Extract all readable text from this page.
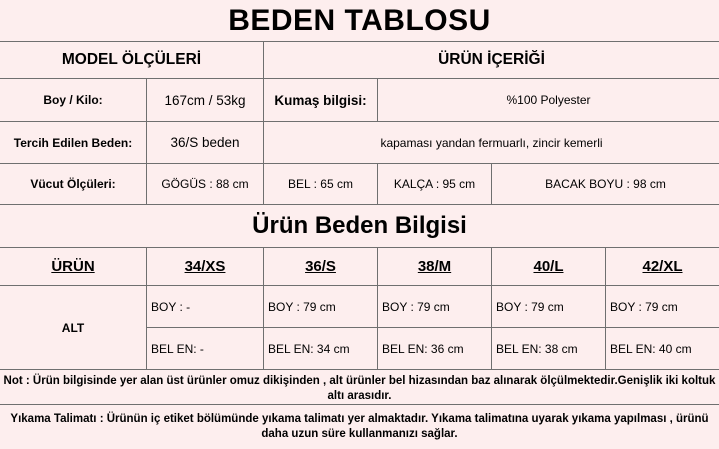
BEDEN TABLOSU
MODEL ÖLÇÜLERİ	ÜRÜN İÇERİĞİ
Boy / Kilo:	167cm / 53kg	Kumaş bilgisi:	%100 Polyester
Tercih Edilen Beden:	36/S beden	kapaması yandan fermuarlı, zincir kemerli
Vücut Ölçüleri:	GÖGÜS : 88 cm	BEL : 65 cm	KALÇA : 95 cm	BACAK BOYU : 98 cm
Ürün Beden Bilgisi
ÜRÜN	34/XS	36/S	38/M	40/L	42/XL
ALT
BOY : -	BOY : 79 cm	BOY : 79 cm	BOY : 79 cm	BOY : 79 cm
BEL EN: -	BEL EN: 34 cm	BEL EN: 36 cm	BEL EN: 38 cm	BEL EN: 40 cm
Not : Ürün bilgisinde yer alan üst ürünler omuz dikişinden , alt ürünler bel hizasından baz alınarak ölçülmektedir.Genişlik iki koltuk altı arasıdır.
Yıkama Talimatı : Ürünün iç etiket bölümünde yıkama talimatı yer almaktadır. Yıkama talimatına uyarak yıkama yapılması , ürünü daha uzun süre kullanmanızı sağlar.
